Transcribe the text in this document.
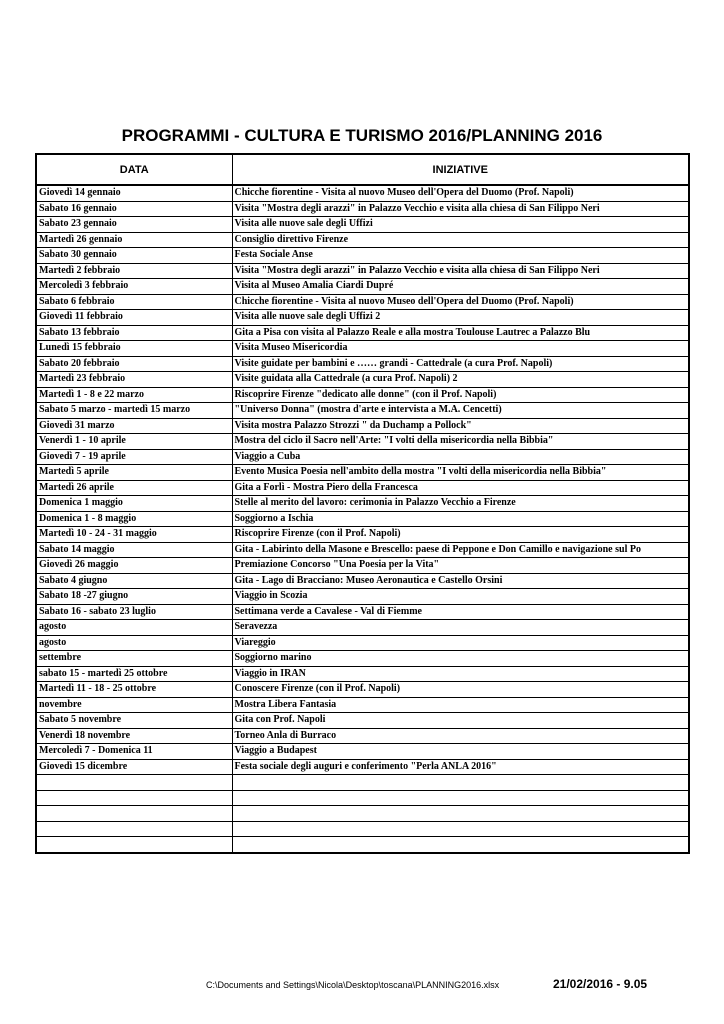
PROGRAMMI - CULTURA E TURISMO 2016/PLANNING 2016
DATA	INIZIATIVE
Giovedì 14 gennaio	Chicche fiorentine - Visita al nuovo Museo dell'Opera del Duomo (Prof. Napoli)
Sabato 16 gennaio	Visita "Mostra degli arazzi" in Palazzo Vecchio e visita alla chiesa di San Filippo Neri
Sabato 23 gennaio	Visita alle nuove sale degli Uffizi
Martedì 26 gennaio	Consiglio direttivo Firenze
Sabato 30 gennaio	Festa Sociale Anse
Martedì 2 febbraio	Visita "Mostra degli arazzi" in Palazzo Vecchio e visita alla chiesa di San Filippo Neri
Mercoledì 3 febbraio	Visita al Museo Amalia Ciardi Dupré
Sabato 6 febbraio	Chicche fiorentine - Visita al nuovo Museo dell'Opera del Duomo (Prof. Napoli)
Giovedì 11 febbraio	Visita alle nuove sale degli Uffizi 2
Sabato 13 febbraio	Gita a Pisa con visita al Palazzo Reale e alla mostra Toulouse Lautrec a Palazzo Blu
Lunedì 15 febbraio	Visita Museo Misericordia
Sabato 20 febbraio	Visite guidate per bambini e …… grandi - Cattedrale (a cura Prof. Napoli)
Martedì 23 febbraio	Visite guidata alla Cattedrale (a cura Prof. Napoli) 2
Martedì 1 - 8 e 22 marzo	Riscoprire Firenze "dedicato alle donne" (con il Prof. Napoli)
Sabato 5 marzo - martedì 15 marzo	"Universo Donna" (mostra d'arte e intervista a M.A. Cencetti)
Giovedì 31 marzo	Visita mostra Palazzo Strozzi " da Duchamp a Pollock"
Venerdì 1 - 10 aprile	Mostra del ciclo il Sacro nell'Arte: "I volti della misericordia nella Bibbia"
Giovedì 7 - 19 aprile	Viaggio a Cuba
Martedì 5 aprile	Evento Musica Poesia nell'ambito della mostra "I volti della misericordia nella Bibbia"
Martedì 26 aprile	Gita a Forlì - Mostra Piero della Francesca
Domenica 1 maggio	Stelle al merito del lavoro: cerimonia in Palazzo Vecchio a Firenze
Domenica 1 - 8 maggio	Soggiorno a Ischia
Martedì 10 - 24 - 31 maggio	Riscoprire Firenze (con il Prof. Napoli)
Sabato 14 maggio	Gita - Labirinto della Masone e Brescello: paese di Peppone e Don Camillo e navigazione sul Po
Giovedì 26 maggio	Premiazione Concorso "Una Poesia per la Vita"
Sabato 4 giugno	Gita - Lago di Bracciano: Museo Aeronautica e Castello Orsini
Sabato 18 -27 giugno	Viaggio in Scozia
Sabato 16 - sabato 23 luglio	Settimana verde a Cavalese - Val di Fiemme
agosto	Seravezza
agosto	Viareggio
settembre	Soggiorno marino
sabato 15 - martedì 25 ottobre	Viaggio in IRAN
Martedì 11 - 18 - 25 ottobre	Conoscere Firenze (con il Prof. Napoli)
novembre	Mostra Libera Fantasia
Sabato 5 novembre	Gita con Prof. Napoli
Venerdì 18 novembre	Torneo Anla di Burraco
Mercoledì 7 - Domenica 11	Viaggio a Budapest
Giovedì 15 dicembre	Festa sociale degli auguri e conferimento "Perla ANLA 2016"

C:\Documents and Settings\Nicola\Desktop\toscana\PLANNING2016.xlsx	21/02/2016 - 9.05
